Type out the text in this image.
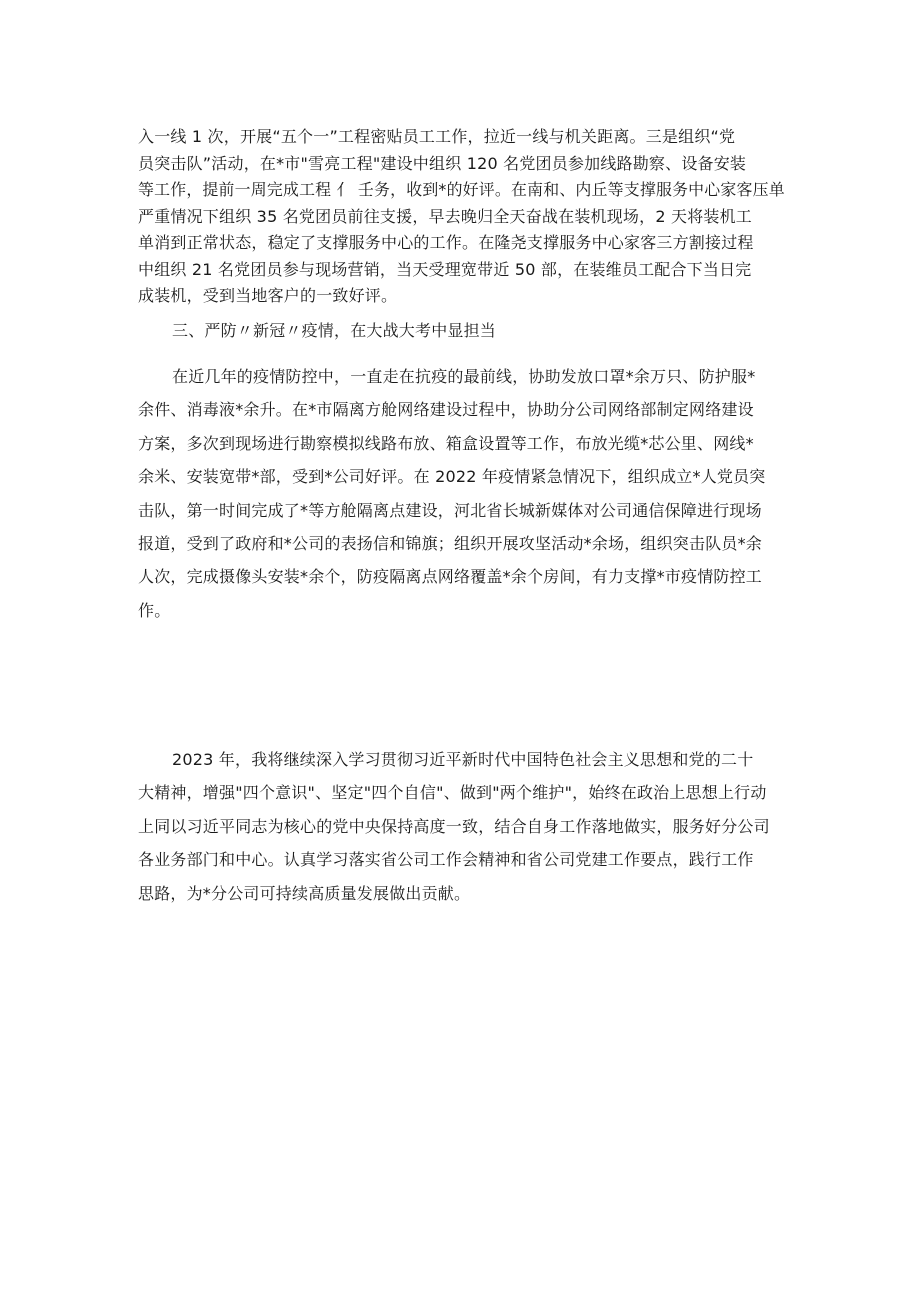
入一线 1 次，开展“五个一”工程密贴员工工作，拉近一线与机关距离。三是组织“党
员突击队”活动，在*市"雪亮工程"建设中组织 120 名党团员参加线路勘察、设备安装
等工作，提前一周完成工程 亻 壬务，收到*的好评。在南和、内丘等支撑服务中心家客压单
严重情况下组织 35 名党团员前往支援，早去晚归全天奋战在装机现场，2 天将装机工
单消到正常状态，稳定了支撑服务中心的工作。在隆尧支撑服务中心家客三方割接过程
中组织 21 名党团员参与现场营销，当天受理宽带近 50 部，在装维员工配合下当日完
成装机，受到当地客户的一致好评。
三、严防〃新冠〃疫情，在大战大考中显担当
在近几年的疫情防控中，一直走在抗疫的最前线，协助发放口罩*余万只、防护服*
余件、消毒液*余升。在*市隔离方舱网络建设过程中，协助分公司网络部制定网络建设
方案，多次到现场进行勘察模拟线路布放、箱盒设置等工作，布放光缆*芯公里、网线*
余米、安装宽带*部，受到*公司好评。在 2022 年疫情紧急情况下，组织成立*人党员突
击队，第一时间完成了*等方舱隔离点建设，河北省长城新媒体对公司通信保障进行现场
报道，受到了政府和*公司的表扬信和锦旗；组织开展攻坚活动*余场，组织突击队员*余
人次，完成摄像头安装*余个，防疫隔离点网络覆盖*余个房间，有力支撑*市疫情防控工
作。
2023 年，我将继续深入学习贯彻习近平新时代中国特色社会主义思想和党的二十
大精神，增强"四个意识"、坚定"四个自信"、做到"两个维护"，始终在政治上思想上行动
上同以习近平同志为核心的党中央保持高度一致，结合自身工作落地做实，服务好分公司
各业务部门和中心。认真学习落实省公司工作会精神和省公司党建工作要点，践行工作
思路，为*分公司可持续高质量发展做出贡献。
